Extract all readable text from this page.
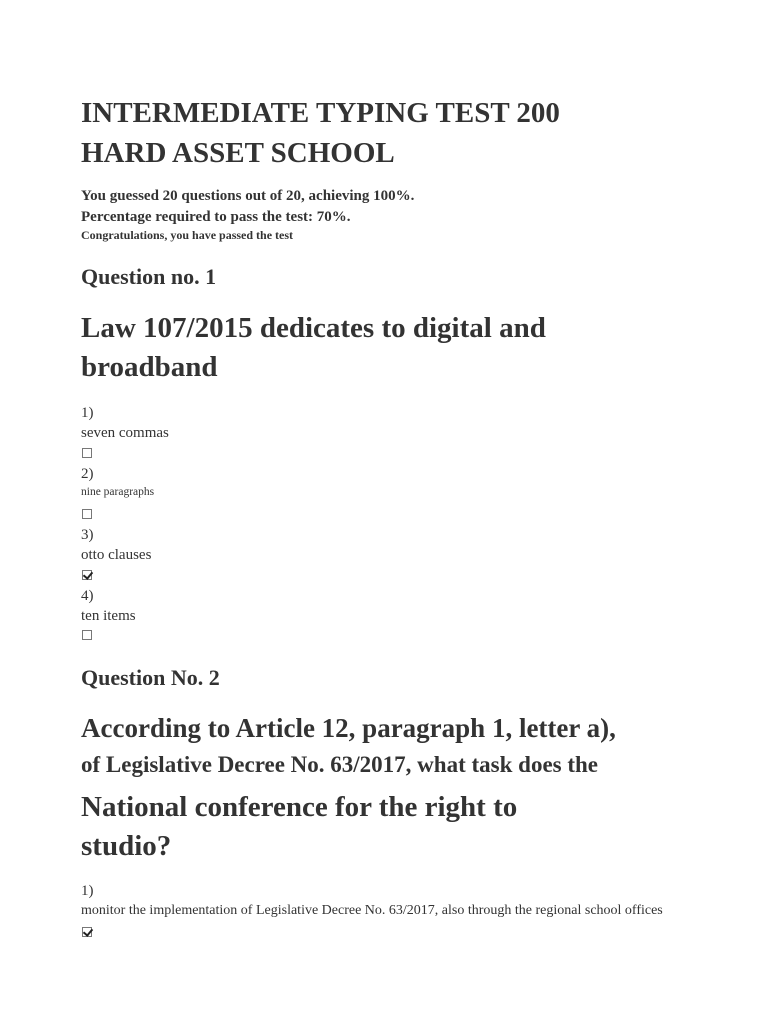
INTERMEDIATE TYPING TEST 200
HARD ASSET SCHOOL

You guessed 20 questions out of 20, achieving 100%.

Percentage required to pass the test: 70%.

Congratulations, you have passed the test

Question no. 1

Law 107/2015 dedicates to digital and

broadband

1)
seven commas
2)
nine paragraphs
3)
otto clauses
4)
ten items
Question No. 2

According to Article 12, paragraph 1, letter a),

of Legislative Decree No. 63/2017, what task does the

National conference for the right to

studio?

1)
monitor the implementation of Legislative Decree No. 63/2017, also through the regional school offices
